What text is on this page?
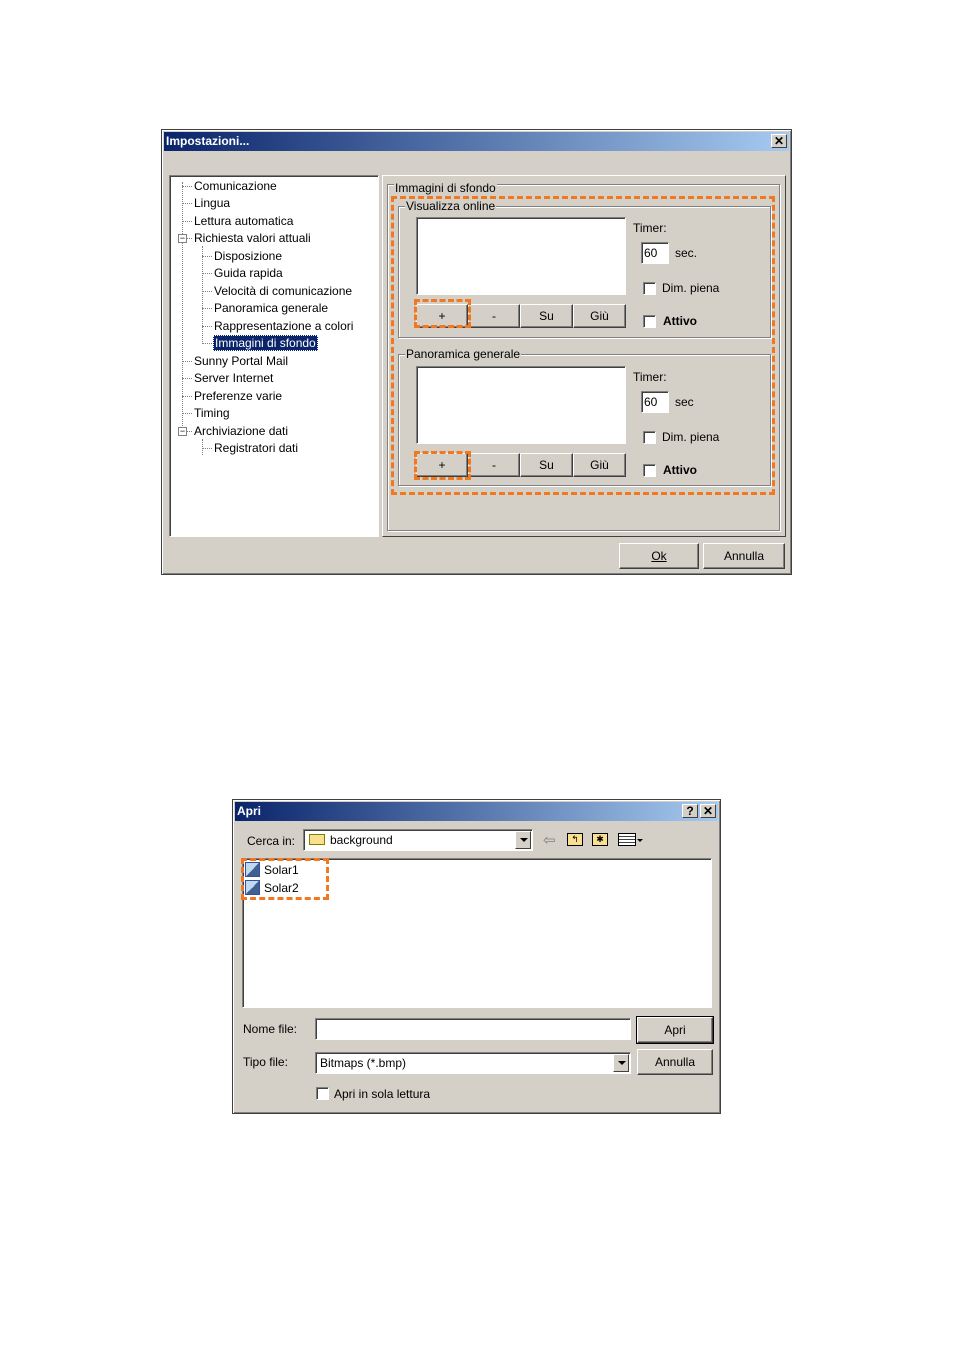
Impostazioni...	✕
Comunicazione
Lingua
Lettura automatica
− Richiesta valori attuali
Disposizione
Guida rapida
Velocità di comunicazione
Panoramica generale
Rappresentazione a colori
Immagini di sfondo
Sunny Portal Mail
Server Internet
Preferenze varie
Timing
− Archiviazione dati
Registratori dati
Immagini di sfondo
Visualizza online
+	-	Su	Giù
Timer:
60	sec.
Dim. piena
Attivo
Panoramica generale
+	-	Su	Giù
Timer:
60	sec
Dim. piena
Attivo
Ok	Annulla
Apri	? ✕
Cerca in:	background	⇦	↰	✱
Solar1
Solar2
Nome file:	Apri
Tipo file:	Bitmaps (*.bmp)	Annulla
Apri in sola lettura
